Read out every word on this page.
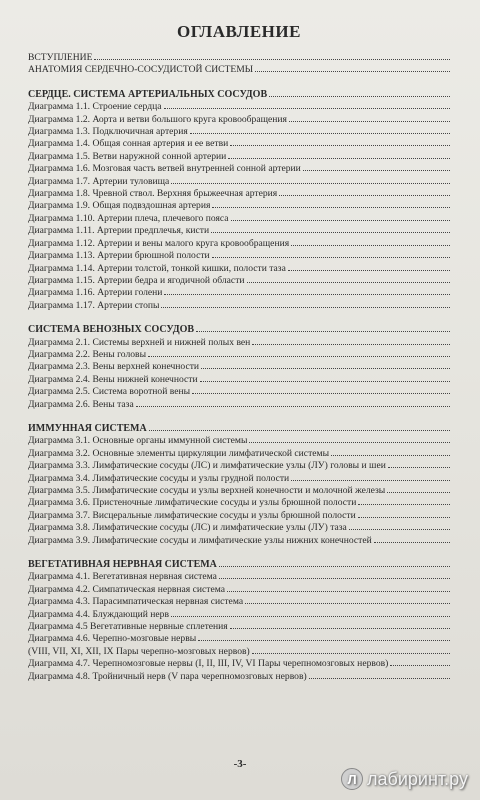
ОГЛАВЛЕНИЕ
ВСТУПЛЕНИЕ
АНАТОМИЯ СЕРДЕЧНО-СОСУДИСТОЙ СИСТЕМЫ
СЕРДЦЕ. СИСТЕМА АРТЕРИАЛЬНЫХ СОСУДОВ
Диаграмма 1.1. Строение сердца
Диаграмма 1.2. Аорта и ветви большого круга кровообращения
Диаграмма 1.3. Подключичная артерия
Диаграмма 1.4. Общая сонная артерия и ее ветви
Диаграмма 1.5. Ветви наружной сонной артерии
Диаграмма 1.6. Мозговая часть ветвей внутренней сонной артерии
Диаграмма 1.7. Артерии туловища
Диаграмма 1.8. Чревной ствол. Верхняя брыжеечная артерия
Диаграмма 1.9. Общая подвздошная артерия
Диаграмма 1.10. Артерии плеча, плечевого пояса
Диаграмма 1.11. Артерии предплечья, кисти
Диаграмма 1.12. Артерии и вены малого круга кровообращения
Диаграмма 1.13. Артерии брюшной полости
Диаграмма 1.14. Артерии толстой, тонкой кишки, полости таза
Диаграмма 1.15. Артерии бедра и ягодичной области
Диаграмма 1.16. Артерии голени
Диаграмма 1.17. Артерии стопы
СИСТЕМА ВЕНОЗНЫХ СОСУДОВ
Диаграмма 2.1. Системы верхней и нижней полых вен
Диаграмма 2.2. Вены головы
Диаграмма 2.3. Вены верхней конечности
Диаграмма 2.4. Вены нижней конечности
Диаграмма 2.5. Система воротной вены
Диаграмма 2.6. Вены таза
ИММУННАЯ СИСТЕМА
Диаграмма 3.1. Основные органы иммунной системы
Диаграмма 3.2. Основные элементы циркуляции лимфатической системы
Диаграмма 3.3. Лимфатические сосуды (ЛС) и лимфатические узлы (ЛУ) головы и шеи
Диаграмма 3.4. Лимфатические сосуды и узлы грудной полости
Диаграмма 3.5. Лимфатические сосуды и узлы верхней конечности и молочной железы
Диаграмма 3.6. Пристеночные лимфатические сосуды и узлы брюшной полости
Диаграмма 3.7. Висцеральные лимфатические сосуды и узлы брюшной полости
Диаграмма 3.8. Лимфатические сосуды (ЛС) и лимфатические узлы (ЛУ) таза
Диаграмма 3.9. Лимфатические сосуды и лимфатические узлы нижних конечностей
ВЕГЕТАТИВНАЯ НЕРВНАЯ СИСТЕМА
Диаграмма 4.1. Вегетативная нервная система
Диаграмма 4.2. Симпатическая нервная система
Диаграмма 4.3. Парасимпатическая нервная система
Диаграмма 4.4. Блуждающий нерв
Диаграмма 4.5 Вегетативные нервные сплетения
Диаграмма 4.6. Черепно-мозговые нервы
(VIII, VII, XI, XII, IX Пары черепно-мозговых нервов)
Диаграмма 4.7. Черепномозговые нервы (I, II, III, IV, VI Пары черепномозговых нервов)
Диаграмма 4.8. Тройничный нерв (V пара черепномозговых нервов)
-3-
Л лабиринт.ру
